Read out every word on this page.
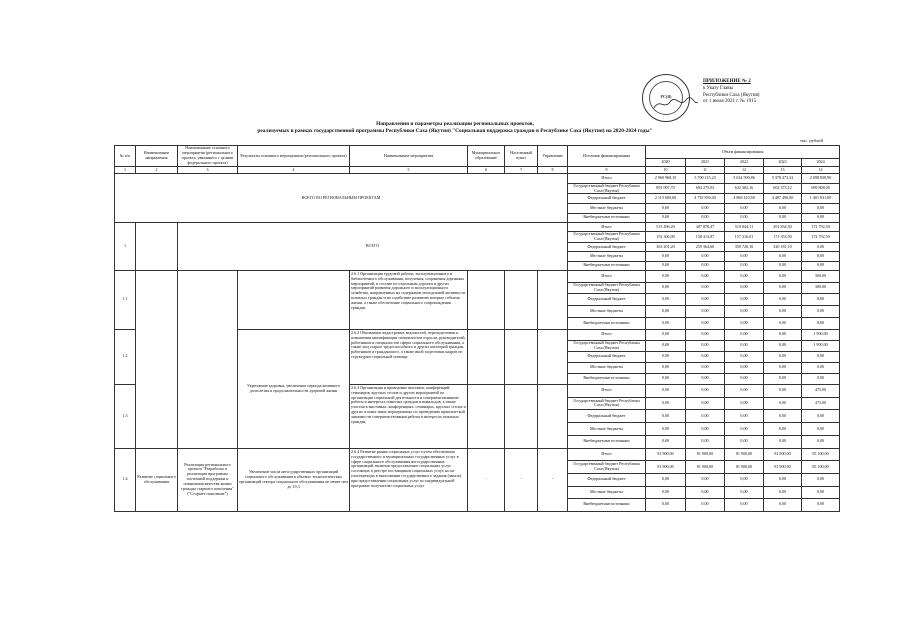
РС(Я)
ПРИЛОЖЕНИЕ № 2
к Указу Главы
Республики Саха (Якутия)
от 1 июля 2021 г. № 1915
Направления и параметры реализации региональных проектов,
реализуемых в рамках государственной программы Республики Саха (Якутия) "Социальная поддержка граждан в Республике Саха (Якутия) на 2020-2024 годы"
тыс. рублей
№ п/п	Наименование направления	Наименование основного мероприятия (регионального проекта, увязанного с целями федерального проекта)	Результаты основного мероприятия (регионального проекта)	Наименование мероприятия	Муниципальное образование	Населенный пункт	Управление	Источник финансирования	Объем финансирования				
									2020	2021	2022	2023	2024
1	2	3	4	5	6	7	8	9	10	11	12	13	14
ВСЕГО ПО РЕГИОНАЛЬНЫМ ПРОЕКТАМ								Итого	2 960 968,10	5 700 115,23	5 614 590,86	5 378 473,32	2 098 838,90
								Государственный бюджет Республики Саха (Якутия)	891 007,70	694 275,03	632 382,16	602 373,12	699 808,00
								Федеральный бюджет	2 115 000,60	4 735 830,40	4 869 410,50	4 487 490,50	1 401 031,00
								Местные бюджеты	0,00	0,00	0,00	0,00	0,00
								Внебюджетные источники	0,00	0,00	0,00	0,00	0,00
1		ВСЕГО						Итого	515 496,20	407 878,47	510 044,11	491 834,50	172 792,50
								Государственный бюджет Республики Саха (Якутия)	152 306,00	158 413,87	157 316,01	171 353,50	172 792,50
								Федеральный бюджет	363 201,20	259 364,60	350 728,10	320 181,10	0,00
								Местные бюджеты	0,00	0,00	0,00	0,00	0,00
								Внебюджетные источники	0,00	0,00	0,00	0,00	0,00
1.1				2.6.1 Организация трудовой работы, эксплуатационного и библиотечного обслуживания, получения, сохранения дорожных мероприятий, в составе по отдельным дорогам и других мероприятий развития дорожного и эксплуатационного хозяйства, направленных на содержание молодежной активности пожилых граждан и на содействие развитию которые события жизни, а также обеспечение социального сопровождения граждан				Итого	0,00	0,00	0,00	0,00	300,00
								Государственный бюджет Республики Саха (Якутия)	0,00	0,00	0,00	0,00	300,00
								Федеральный бюджет	0,00	0,00	0,00	0,00	0,00
								Местные бюджеты	0,00	0,00	0,00	0,00	0,00
								Внебюджетные источники	0,00	0,00	0,00	0,00	0,00
1.2			Укрепление здоровья, увеличение периода активного долголетия и продолжительности здоровой жизни	2.6.2 Обновление кадастровых ведомостей, переподготовки и повышения квалификации специалистов отрасли, руководителей, работников и специалистов сферы социального обслуживания, а также лиц старше трудоспособного и других категорий граждан, работников и гражданского, а также иной подготовки кадров по структурам социальной помощи				Итого	0,00	0,00	0,00	0,00	1 900,00
								Государственный бюджет Республики Саха (Якутия)	0,00	0,00	0,00	0,00	1 900,00
								Федеральный бюджет	0,00	0,00	0,00	0,00	0,00
								Местные бюджеты	0,00	0,00	0,00	0,00	0,00
								Внебюджетные источники	0,00	0,00	0,00	0,00	0,00
1.3				2.6.3 Организация и проведение выставок, конференций, семинаров, круглых столов и других мероприятий по организации социальной деятельности и совершенствованию работы и интересах пожилых граждан и инвалидов, а также участия в выставках, конференциях, семинарах, круглых столах и других и иных иных мероприятиях по проведению практической значимости совершенствования работы в интересах пожилых граждан				Итого	0,00	0,00	0,00	0,00	475,00
								Государственный бюджет Республики Саха (Якутия)	0,00	0,00	0,00	0,00	475,00
								Федеральный бюджет	0,00	0,00	0,00	0,00	0,00
								Местные бюджеты	0,00	0,00	0,00	0,00	0,00
								Внебюджетные источники	0,00	0,00	0,00	0,00	0,00
1.4	Развитие социального обслуживания	Реализация регионального проекта "Разработка и реализация программы системной поддержки и повышения качества жизни граждан старшего поколения" ("Старшее поколение")	Увеличение числа негосударственных организаций социального обслуживания в объемах технологических организаций сектора социального обслуживания не менее чем до 19,3	2.6.4 Развитие рынка социальных услуг путем обеспечения государственного и муниципальных государственных услуг в сфере социального обслуживания негосударственных организаций, включая предоставление социальных услуг, состоящих в реестре поставщиков социальных услуг, но не участвующих в выполнении государственного задания (заказа), при предоставлении социальных услуг по индивидуальной программе получателю социальных услуг	-	-	-	Итого	81 900,00	81 900,00	81 900,00	81 900,00	85 100,00
								Государственный бюджет Республики Саха (Якутия)	81 900,00	81 900,00	81 900,00	81 900,00	85 100,00
								Федеральный бюджет	0,00	0,00	0,00	0,00	0,00
								Местные бюджеты	0,00	0,00	0,00	0,00	0,00
								Внебюджетные источники	0,00	0,00	0,00	0,00	0,00
